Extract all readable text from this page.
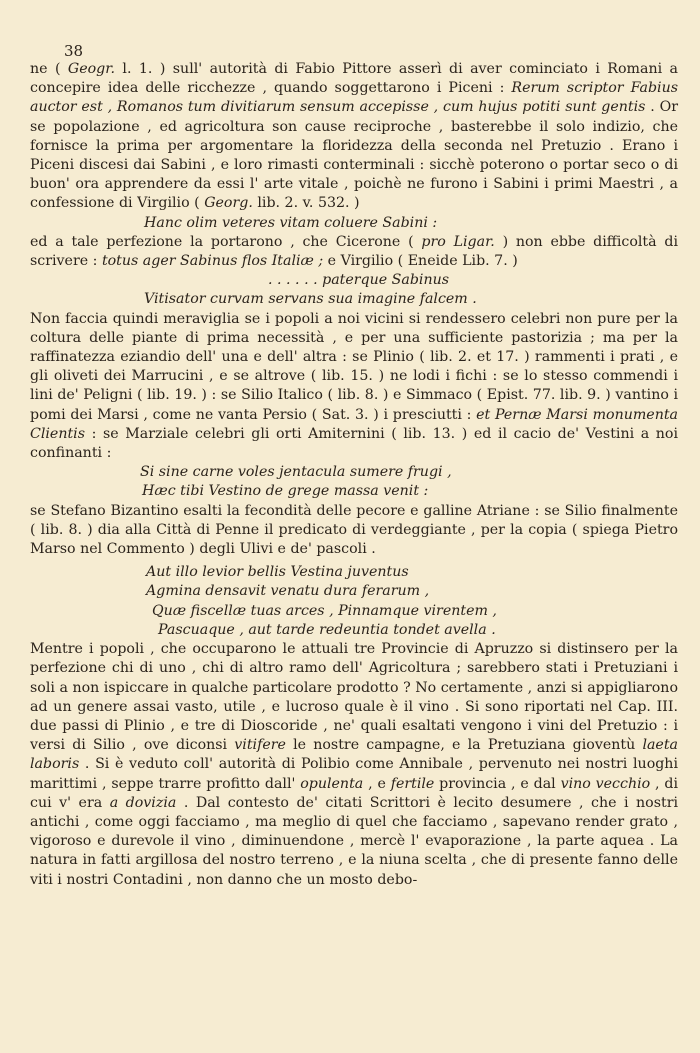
38

ne ( Geogr. l. 1. ) sull' autorità di Fabio Pittore asserì di aver cominciato i Romani a concepire idea delle ricchezze , quando soggettarono i Piceni : Rerum scriptor Fabius auctor est , Romanos tum divitiarum sensum accepisse , cum hujus potiti sunt gentis . Or se popolazione , ed agricoltura son cause reciproche , basterebbe il solo indizio, che fornisce la prima per argomentare la floridezza della seconda nel Pretuzio . Erano i Piceni discesi dai Sabini , e loro rimasti conterminali : sicchè poterono o portar seco o di buon' ora apprendere da essi l' arte vitale , poichè ne furono i Sabini i primi Maestri , a confessione di Virgilio ( Georg. lib. 2. v. 532. )

Hanc olim veteres vitam coluere Sabini :

ed a tale perfezione la portarono , che Cicerone ( pro Ligar. ) non ebbe difficoltà di scrivere : totus ager Sabinus flos Italiæ ; e Virgilio ( Eneide Lib. 7. )

. . . . . . paterque Sabinus

Vitisator curvam servans sua imagine falcem .

Non faccia quindi meraviglia se i popoli a noi vicini si rendessero celebri non pure per la coltura delle piante di prima necessità , e per una sufficiente pastorizia ; ma per la raffinatezza eziandio dell' una e dell' altra : se Plinio ( lib. 2. et 17. ) rammenti i prati , e gli oliveti dei Marrucini , e se altrove ( lib. 15. ) ne lodi i fichi : se lo stesso commendi i lini de' Peligni ( lib. 19. ) : se Silio Italico ( lib. 8. ) e Simmaco ( Epist. 77. lib. 9. ) vantino i pomi dei Marsi , come ne vanta Persio ( Sat. 3. ) i presciutti : et Pernæ Marsi monumenta Clientis : se Marziale celebri gli orti Amiternini ( lib. 13. ) ed il cacio de' Vestini a noi confinanti :

Si sine carne voles jentacula sumere frugi ,

Hæc tibi Vestino de grege massa venit :

se Stefano Bizantino esalti la fecondità delle pecore e galline Atriane : se Silio finalmente ( lib. 8. ) dia alla Città di Penne il predicato di verdeggiante , per la copia ( spiega Pietro Marso nel Commento ) degli Ulivi e de' pascoli .

Aut illo levior bellis Vestina juventus

Agmina densavit venatu dura ferarum ,

Quæ fiscellæ tuas arces , Pinnamque virentem ,

Pascuaque , aut tarde redeuntia tondet avella .

Mentre i popoli , che occuparono le attuali tre Provincie di Apruzzo si distinsero per la perfezione chi di uno , chi di altro ramo dell' Agricoltura ; sarebbero stati i Pretuziani i soli a non ispiccare in qualche particolare prodotto ? No certamente , anzi si appigliarono ad un genere assai vasto, utile , e lucroso quale è il vino . Si sono riportati nel Cap. III. due passi di Plinio , e tre di Dioscoride , ne' quali esaltati vengono i vini del Pretuzio : i versi di Silio , ove diconsi vitifere le nostre campagne, e la Pretuziana gioventù laeta laboris . Si è veduto coll' autorità di Polibio come Annibale , pervenuto nei nostri luoghi marittimi , seppe trarre profitto dall' opulenta , e fertile provincia , e dal vino vecchio , di cui v' era a dovizia . Dal contesto de' citati Scrittori è lecito desumere , che i nostri antichi , come oggi facciamo , ma meglio di quel che facciamo , sapevano render grato , vigoroso e durevole il vino , diminuendone , mercè l' evaporazione , la parte aquea . La natura in fatti argillosa del nostro terreno , e la niuna scelta , che di presente fanno delle viti i nostri Contadini , non danno che un mosto debo-
